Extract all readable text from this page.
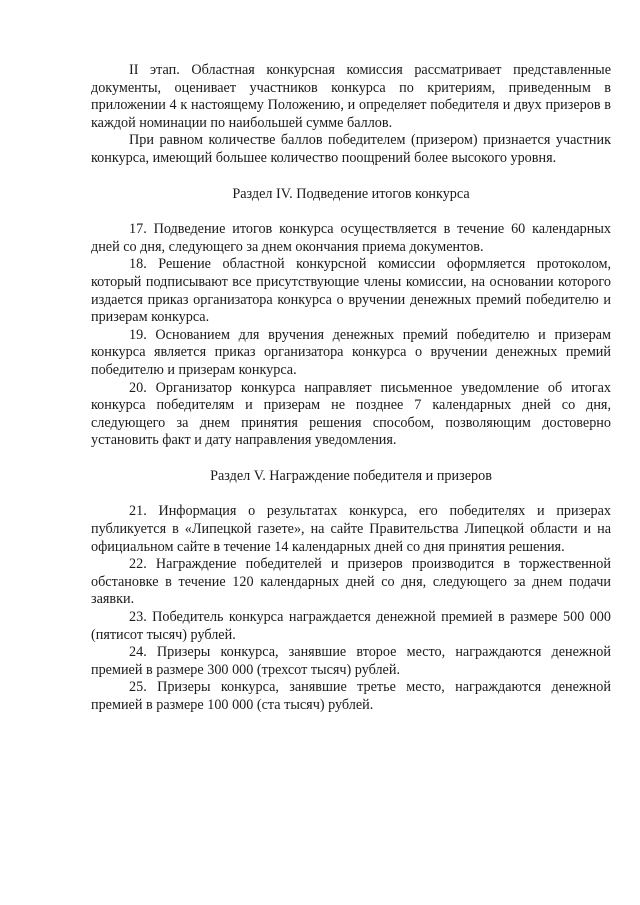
II этап. Областная конкурсная комиссия рассматривает представленные документы, оценивает участников конкурса по критериям, приведенным в приложении 4 к настоящему Положению, и определяет победителя и двух призеров в каждой номинации по наибольшей сумме баллов.

При равном количестве баллов победителем (призером) признается участник конкурса, имеющий большее количество поощрений более высокого уровня.

Раздел IV. Подведение итогов конкурса

17. Подведение итогов конкурса осуществляется в течение 60 календарных дней со дня, следующего за днем окончания приема документов.

18. Решение областной конкурсной комиссии оформляется протоколом, который подписывают все присутствующие члены комиссии, на основании которого издается приказ организатора конкурса о вручении денежных премий победителю и призерам конкурса.

19. Основанием для вручения денежных премий победителю и призерам конкурса является приказ организатора конкурса о вручении денежных премий победителю и призерам конкурса.

20. Организатор конкурса направляет письменное уведомление об итогах конкурса победителям и призерам не позднее 7 календарных дней со дня, следующего за днем принятия решения способом, позволяющим достоверно установить факт и дату направления уведомления.

Раздел V. Награждение победителя и призеров

21. Информация о результатах конкурса, его победителях и призерах публикуется в «Липецкой газете», на сайте Правительства Липецкой области и на официальном сайте в течение 14 календарных дней со дня принятия решения.

22. Награждение победителей и призеров производится в торжественной обстановке в течение 120 календарных дней со дня, следующего за днем подачи заявки.

23. Победитель конкурса награждается денежной премией в размере 500 000 (пятисот тысяч) рублей.

24. Призеры конкурса, занявшие второе место, награждаются денежной премией в размере 300 000 (трехсот тысяч) рублей.

25. Призеры конкурса, занявшие третье место, награждаются денежной премией в размере 100 000 (ста тысяч) рублей.
